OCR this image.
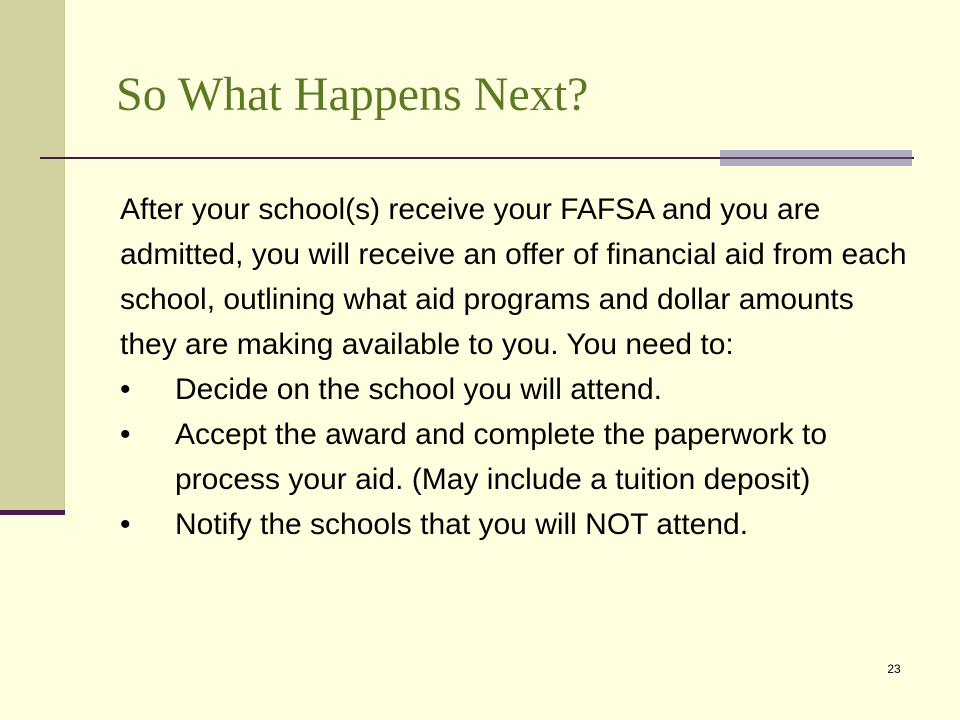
So What Happens Next?

After your school(s) receive your FAFSA and you are admitted, you will receive an offer of financial aid from each school, outlining what aid programs and dollar amounts they are making available to you. You need to:

• Decide on the school you will attend.
• Accept the award and complete the paperwork to process your aid. (May include a tuition deposit)
• Notify the schools that you will NOT attend.
23
